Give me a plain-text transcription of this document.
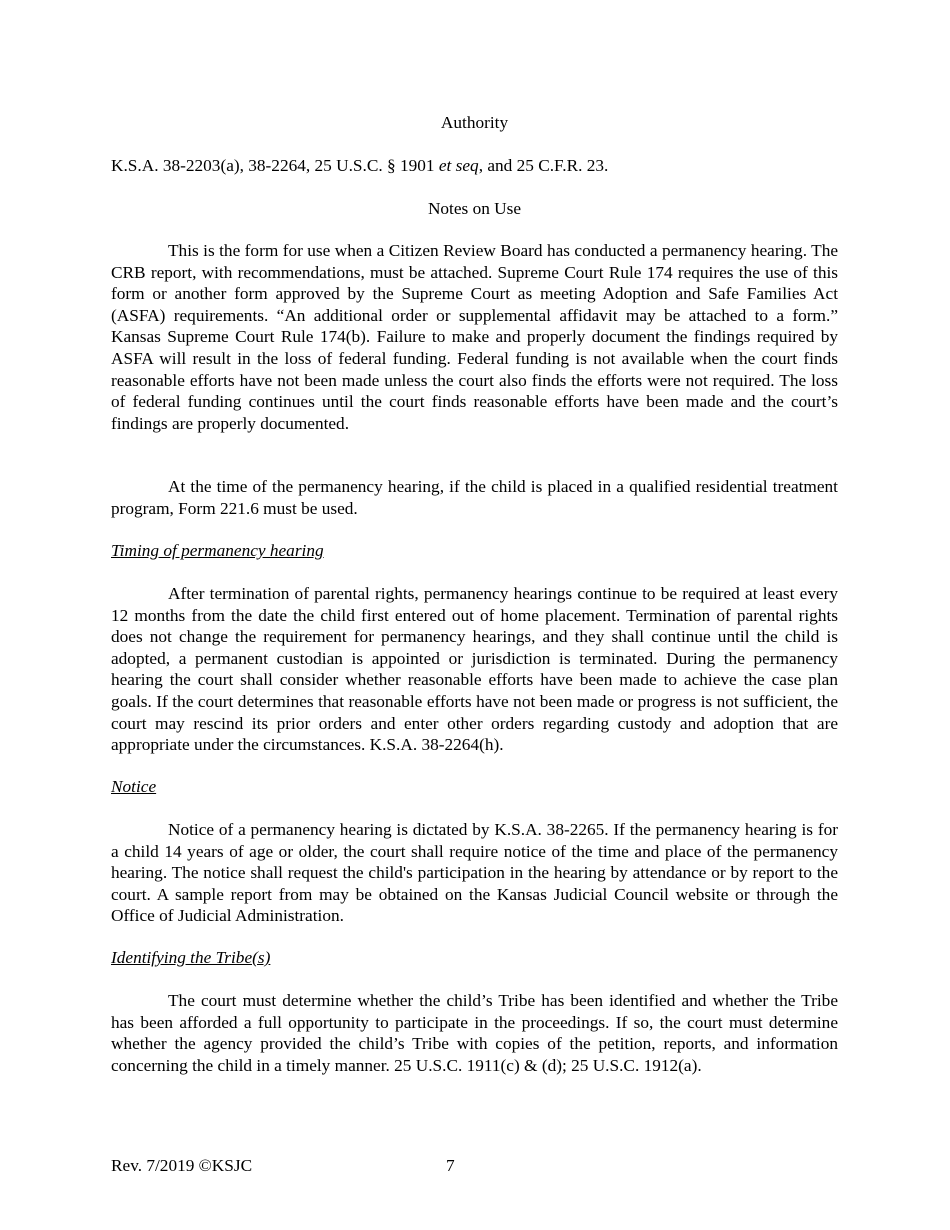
Authority

K.S.A. 38-2203(a), 38-2264, 25 U.S.C. § 1901 et seq, and 25 C.F.R. 23.

Notes on Use

This is the form for use when a Citizen Review Board has conducted a permanency hearing. The CRB report, with recommendations, must be attached. Supreme Court Rule 174 requires the use of this form or another form approved by the Supreme Court as meeting Adoption and Safe Families Act (ASFA) requirements. “An additional order or supplemental affidavit may be attached to a form.” Kansas Supreme Court Rule 174(b). Failure to make and properly document the findings required by ASFA will result in the loss of federal funding. Federal funding is not available when the court finds reasonable efforts have not been made unless the court also finds the efforts were not required. The loss of federal funding continues until the court finds reasonable efforts have been made and the court’s findings are properly documented.

At the time of the permanency hearing, if the child is placed in a qualified residential treatment program, Form 221.6 must be used.

Timing of permanency hearing

After termination of parental rights, permanency hearings continue to be required at least every 12 months from the date the child first entered out of home placement. Termination of parental rights does not change the requirement for permanency hearings, and they shall continue until the child is adopted, a permanent custodian is appointed or jurisdiction is terminated. During the permanency hearing the court shall consider whether reasonable efforts have been made to achieve the case plan goals. If the court determines that reasonable efforts have not been made or progress is not sufficient, the court may rescind its prior orders and enter other orders regarding custody and adoption that are appropriate under the circumstances. K.S.A. 38-2264(h).

Notice

Notice of a permanency hearing is dictated by K.S.A. 38-2265. If the permanency hearing is for a child 14 years of age or older, the court shall require notice of the time and place of the permanency hearing. The notice shall request the child's participation in the hearing by attendance or by report to the court. A sample report from may be obtained on the Kansas Judicial Council website or through the Office of Judicial Administration.

Identifying the Tribe(s)

The court must determine whether the child’s Tribe has been identified and whether the Tribe has been afforded a full opportunity to participate in the proceedings. If so, the court must determine whether the agency provided the child’s Tribe with copies of the petition, reports, and information concerning the child in a timely manner. 25 U.S.C. 1911(c) & (d); 25 U.S.C. 1912(a).

Rev. 7/2019 ©KSJC	7
